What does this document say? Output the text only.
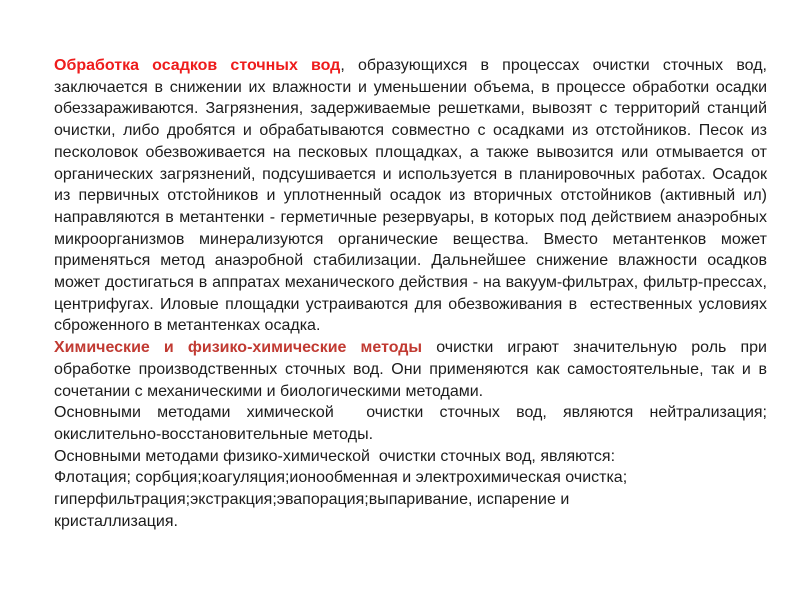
Обработка осадков сточных вод, образующихся в процессах очистки сточных вод, заключается в снижении их влажности и уменьшении объема, в процессе обработки осадки обеззараживаются. Загрязнения, задерживаемые решетками, вывозят с территорий станций очистки, либо дробятся и обрабатываются совместно с осадками из отстойников. Песок из песколовок обезвоживается на песковых площадках, а также вывозится или отмывается от органических загрязнений, подсушивается и используется в планировочных работах. Осадок из первичных отстойников и уплотненный осадок из вторичных отстойников (активный ил) направляются в метантенки - герметичные резервуары, в которых под действием анаэробных микроорганизмов минерализуются органические вещества. Вместо метантенков может применяться метод анаэробной стабилизации. Дальнейшее снижение влажности осадков может достигаться в аппратах механического действия - на вакуум-фильтрах, фильтр-прессах, центрифугах. Иловые площадки устраиваются для обезвоживания в  естественных условиях сброженного в метантенках осадка.

Химические и физико-химические методы очистки играют значительную роль при обработке производственных сточных вод. Они применяются как самостоятельные, так и в сочетании с механическими и биологическими методами.

Основными методами химической  очистки сточных вод, являются нейтрализация; окислительно-восстановительные методы.

Основными методами физико-химической  очистки сточных вод, являются:
Флотация; сорбция;коагуляция;ионообменная и электрохимическая очистка;
гиперфильтрация;экстракция;эвапорация;выпаривание, испарение и
кристаллизация.
